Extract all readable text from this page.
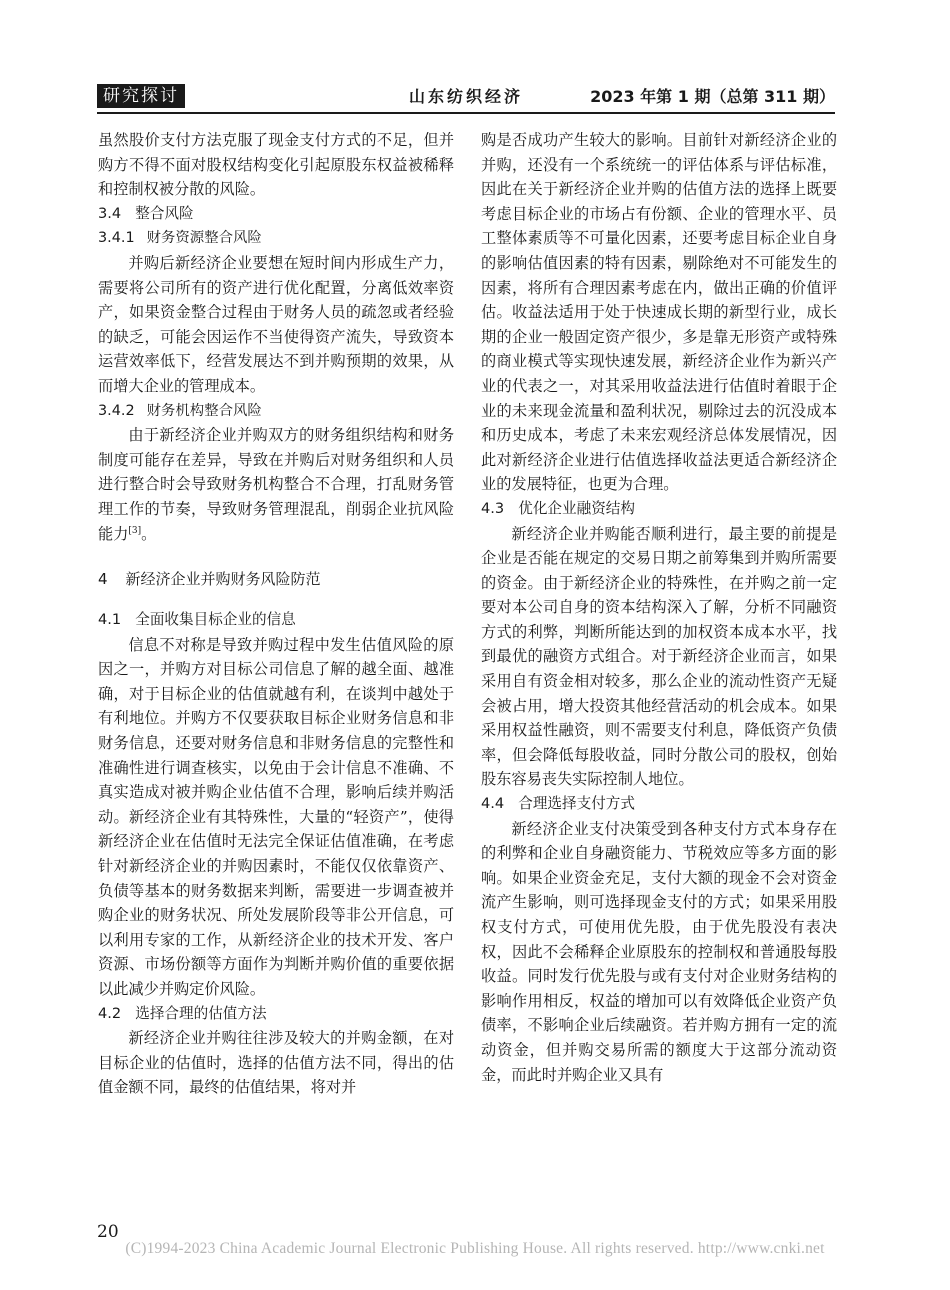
研究探讨	山东纺织经济	2023 年第 1 期（总第 311 期）

虽然股价支付方法克服了现金支付方式的不足，但并购方不得不面对股权结构变化引起原股东权益被稀释和控制权被分散的风险。

3.4 整合风险
3.4.1 财务资源整合风险

并购后新经济企业要想在短时间内形成生产力，需要将公司所有的资产进行优化配置，分离低效率资产，如果资金整合过程由于财务人员的疏忽或者经验的缺乏，可能会因运作不当使得资产流失，导致资本运营效率低下，经营发展达不到并购预期的效果，从而增大企业的管理成本。

3.4.2 财务机构整合风险

由于新经济企业并购双方的财务组织结构和财务制度可能存在差异，导致在并购后对财务组织和人员进行整合时会导致财务机构整合不合理，打乱财务管理工作的节奏，导致财务管理混乱，削弱企业抗风险能力[3]。

4 新经济企业并购财务风险防范
4.1 全面收集目标企业的信息

信息不对称是导致并购过程中发生估值风险的原因之一，并购方对目标公司信息了解的越全面、越准确，对于目标企业的估值就越有利，在谈判中越处于有利地位。并购方不仅要获取目标企业财务信息和非财务信息，还要对财务信息和非财务信息的完整性和准确性进行调查核实，以免由于会计信息不准确、不真实造成对被并购企业估值不合理，影响后续并购活动。新经济企业有其特殊性，大量的“轻资产”，使得新经济企业在估值时无法完全保证估值准确，在考虑针对新经济企业的并购因素时，不能仅仅依靠资产、负债等基本的财务数据来判断，需要进一步调查被并购企业的财务状况、所处发展阶段等非公开信息，可以利用专家的工作，从新经济企业的技术开发、客户资源、市场份额等方面作为判断并购价值的重要依据以此减少并购定价风险。

4.2 选择合理的估值方法

新经济企业并购往往涉及较大的并购金额，在对目标企业的估值时，选择的估值方法不同，得出的估值金额不同，最终的估值结果，将对并

购是否成功产生较大的影响。目前针对新经济企业的并购，还没有一个系统统一的评估体系与评估标准，因此在关于新经济企业并购的估值方法的选择上既要考虑目标企业的市场占有份额、企业的管理水平、员工整体素质等不可量化因素，还要考虑目标企业自身的影响估值因素的特有因素，剔除绝对不可能发生的因素，将所有合理因素考虑在内，做出正确的价值评估。收益法适用于处于快速成长期的新型行业，成长期的企业一般固定资产很少，多是靠无形资产或特殊的商业模式等实现快速发展，新经济企业作为新兴产业的代表之一，对其采用收益法进行估值时着眼于企业的未来现金流量和盈利状况，剔除过去的沉没成本和历史成本，考虑了未来宏观经济总体发展情况，因此对新经济企业进行估值选择收益法更适合新经济企业的发展特征，也更为合理。

4.3 优化企业融资结构

新经济企业并购能否顺利进行，最主要的前提是企业是否能在规定的交易日期之前筹集到并购所需要的资金。由于新经济企业的特殊性，在并购之前一定要对本公司自身的资本结构深入了解，分析不同融资方式的利弊，判断所能达到的加权资本成本水平，找到最优的融资方式组合。对于新经济企业而言，如果采用自有资金相对较多，那么企业的流动性资产无疑会被占用，增大投资其他经营活动的机会成本。如果采用权益性融资，则不需要支付利息，降低资产负债率，但会降低每股收益，同时分散公司的股权，创始股东容易丧失实际控制人地位。

4.4 合理选择支付方式

新经济企业支付决策受到各种支付方式本身存在的利弊和企业自身融资能力、节税效应等多方面的影响。如果企业资金充足，支付大额的现金不会对资金流产生影响，则可选择现金支付的方式；如果采用股权支付方式，可使用优先股，由于优先股没有表决权，因此不会稀释企业原股东的控制权和普通股每股收益。同时发行优先股与或有支付对企业财务结构的影响作用相反，权益的增加可以有效降低企业资产负债率，不影响企业后续融资。若并购方拥有一定的流动资金，但并购交易所需的额度大于这部分流动资金，而此时并购企业又具有

20
(C)1994-2023 China Academic Journal Electronic Publishing House. All rights reserved. http://www.cnki.net
